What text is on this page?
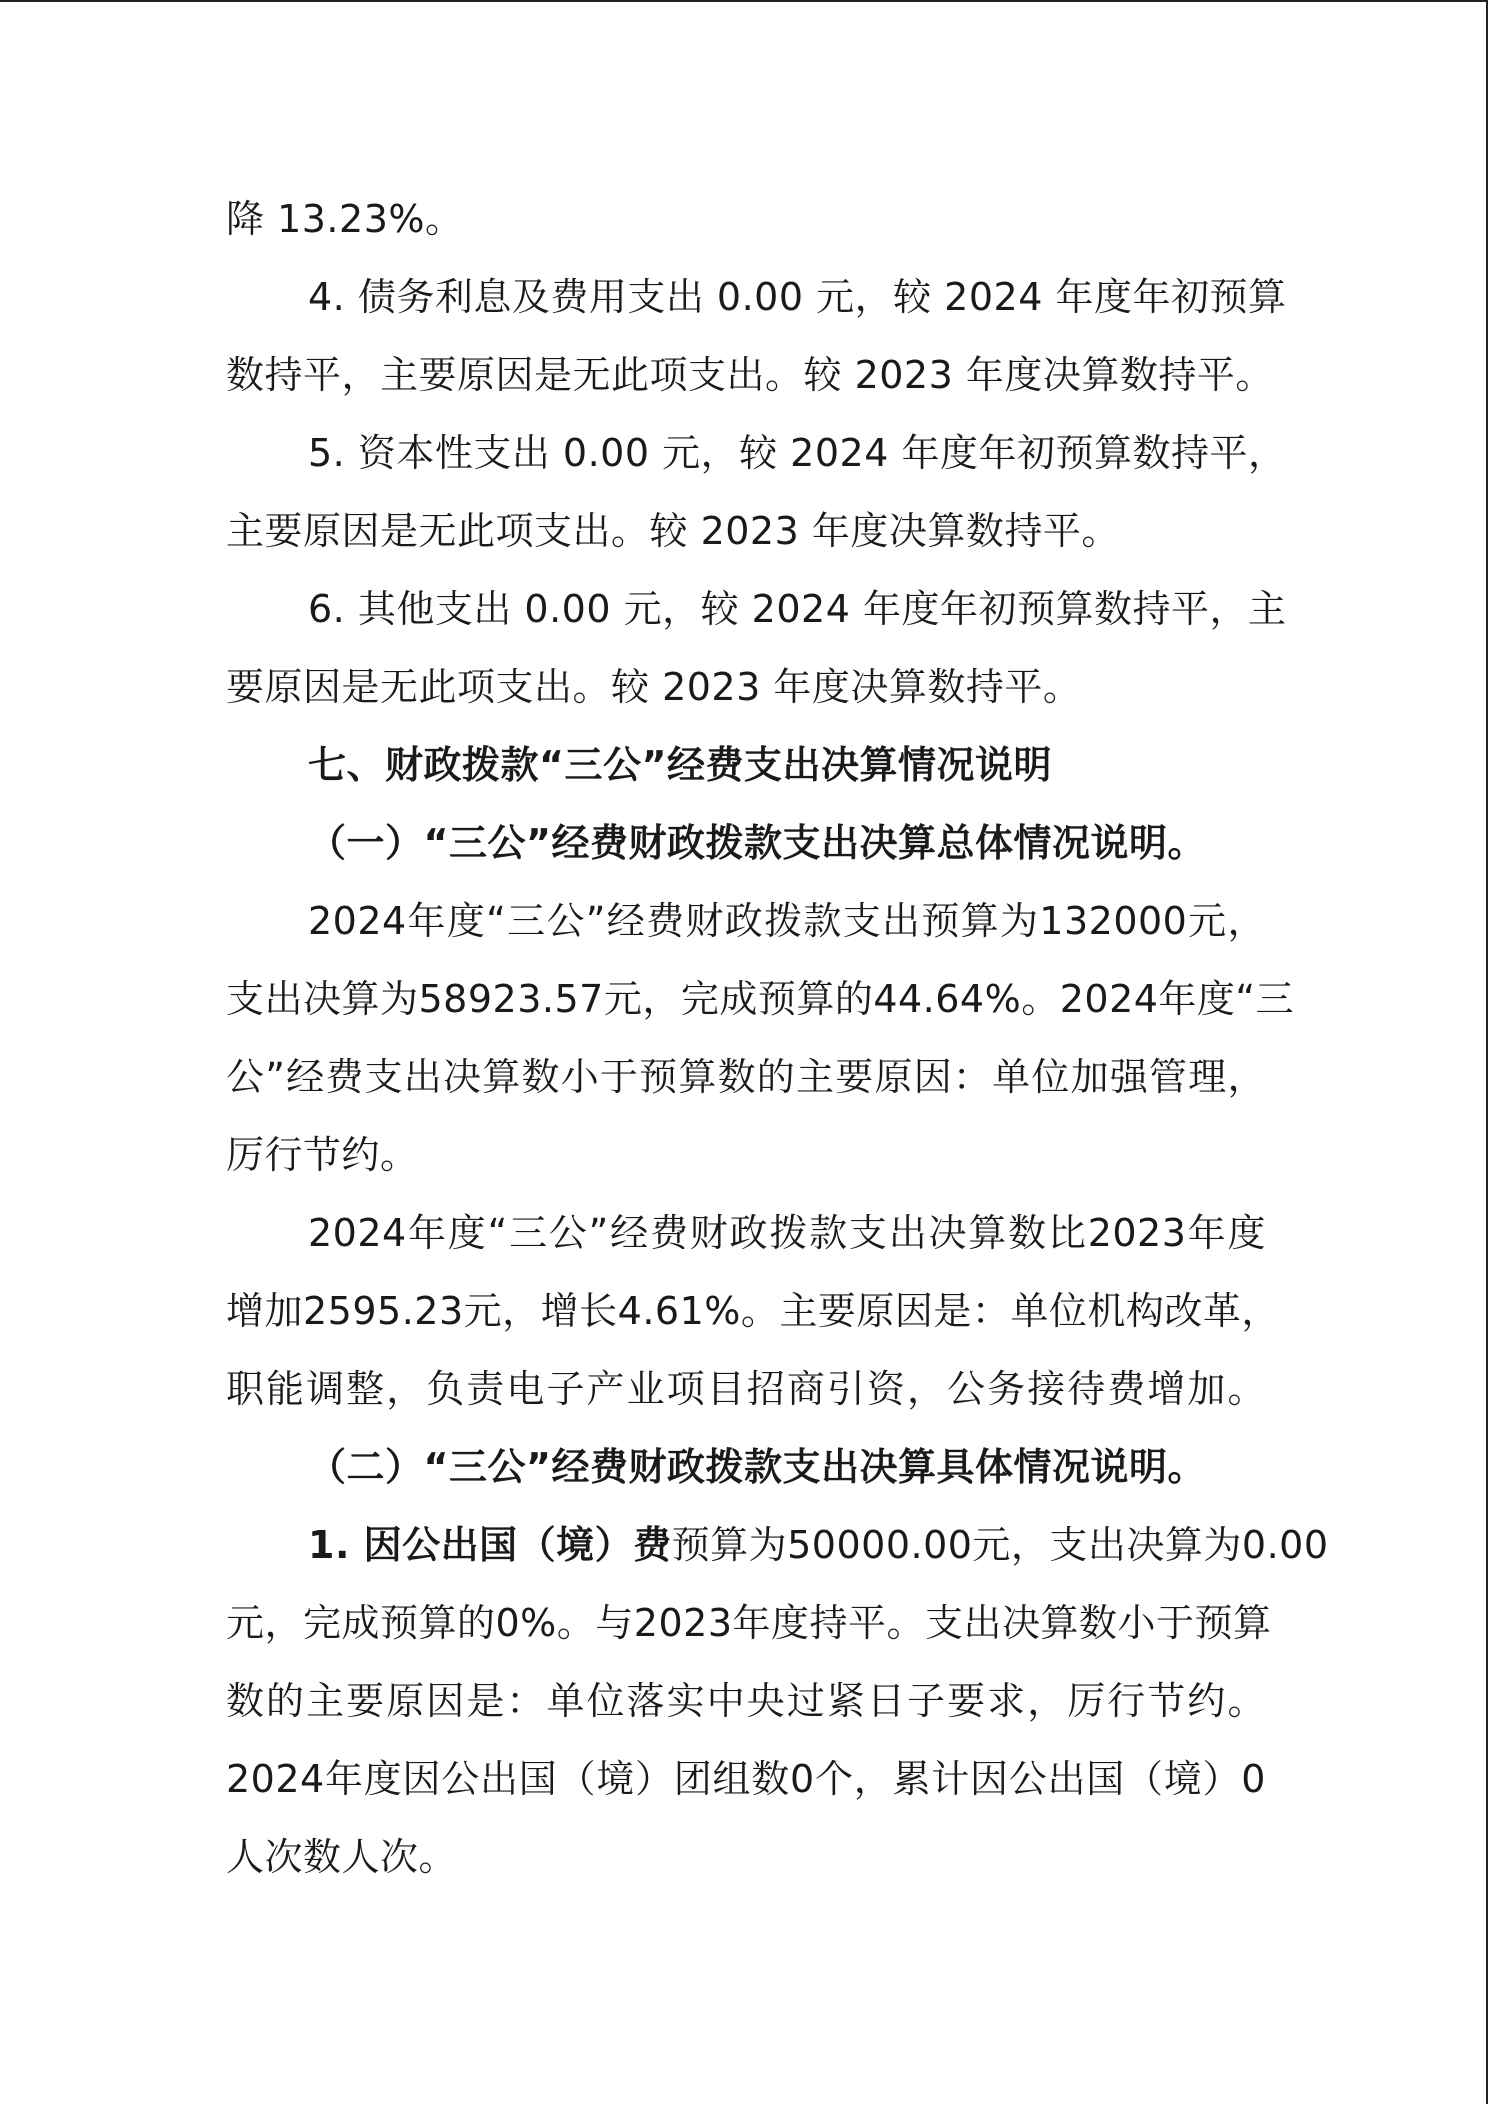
降 13.23%。
4. 债务利息及费用支出 0.00 元，较 2024 年度年初预算
数持平，主要原因是无此项支出。较 2023 年度决算数持平。
5. 资本性支出 0.00 元，较 2024 年度年初预算数持平，
主要原因是无此项支出。较 2023 年度决算数持平。
6. 其他支出 0.00 元，较 2024 年度年初预算数持平，主
要原因是无此项支出。较 2023 年度决算数持平。
七、财政拨款“三公”经费支出决算情况说明
（一）“三公”经费财政拨款支出决算总体情况说明。
2024年度“三公”经费财政拨款支出预算为132000元，
支出决算为58923.57元，完成预算的44.64%。2024年度“三
公”经费支出决算数小于预算数的主要原因：单位加强管理，
厉行节约。
2024年度“三公”经费财政拨款支出决算数比2023年度
增加2595.23元，增长4.61%。主要原因是：单位机构改革，
职能调整，负责电子产业项目招商引资，公务接待费增加。
（二）“三公”经费财政拨款支出决算具体情况说明。
1. 因公出国（境）费预算为50000.00元，支出决算为0.00
元，完成预算的0%。与2023年度持平。支出决算数小于预算
数的主要原因是：单位落实中央过紧日子要求，厉行节约。
2024年度因公出国（境）团组数0个，累计因公出国（境）0
人次数人次。
